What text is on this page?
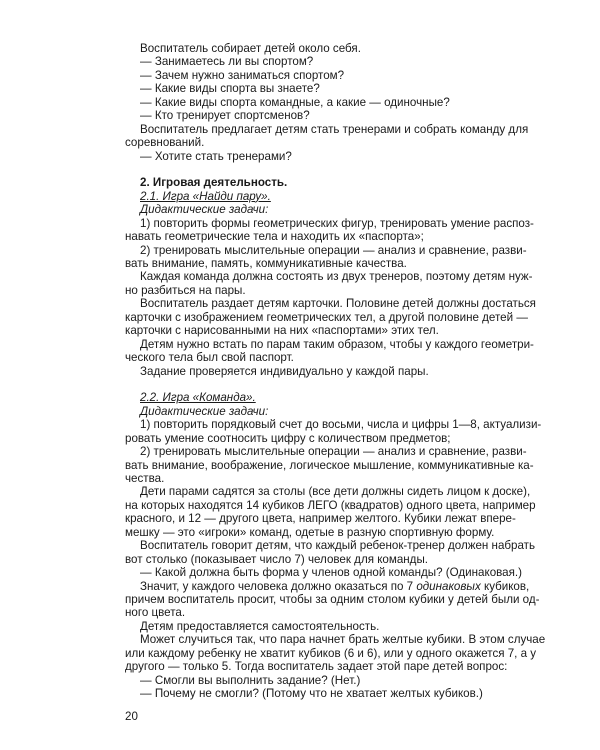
Воспитатель собирает детей около себя.
— Занимаетесь ли вы спортом?
— Зачем нужно заниматься спортом?
— Какие виды спорта вы знаете?
— Какие виды спорта командные, а какие — одиночные?
— Кто тренирует спортсменов?
Воспитатель предлагает детям стать тренерами и собрать команду для
соревнований.
— Хотите стать тренерами?
2. Игровая деятельность.
2.1. Игра «Найди пару».
Дидактические задачи:
1) повторить формы геометрических фигур, тренировать умение распоз-
навать геометрические тела и находить их «паспорта»;
2) тренировать мыслительные операции — анализ и сравнение, разви-
вать внимание, память, коммуникативные качества.
Каждая команда должна состоять из двух тренеров, поэтому детям нуж-
но разбиться на пары.
Воспитатель раздает детям карточки. Половине детей должны достаться
карточки с изображением геометрических тел, а другой половине детей —
карточки с нарисованными на них «паспортами» этих тел.
Детям нужно встать по парам таким образом, чтобы у каждого геометри-
ческого тела был свой паспорт.
Задание проверяется индивидуально у каждой пары.
2.2. Игра «Команда».
Дидактические задачи:
1) повторить порядковый счет до восьми, числа и цифры 1—8, актуализи-
ровать умение соотносить цифру с количеством предметов;
2) тренировать мыслительные операции — анализ и сравнение, разви-
вать внимание, воображение, логическое мышление, коммуникативные ка-
чества.
Дети парами садятся за столы (все дети должны сидеть лицом к доске),
на которых находятся 14 кубиков ЛЕГО (квадратов) одного цвета, например
красного, и 12 — другого цвета, например желтого. Кубики лежат впере-
мешку — это «игроки» команд, одетые в разную спортивную форму.
Воспитатель говорит детям, что каждый ребенок-тренер должен набрать
вот столько (показывает число 7) человек для команды.
— Какой должна быть форма у членов одной команды? (Одинаковая.)
Значит, у каждого человека должно оказаться по 7 одинаковых кубиков,
причем воспитатель просит, чтобы за одним столом кубики у детей были од-
ного цвета.
Детям предоставляется самостоятельность.
Может случиться так, что пара начнет брать желтые кубики. В этом случае
или каждому ребенку не хватит кубиков (6 и 6), или у одного окажется 7, а у
другого — только 5. Тогда воспитатель задает этой паре детей вопрос:
— Смогли вы выполнить задание? (Нет.)
— Почему не смогли? (Потому что не хватает желтых кубиков.)
20
